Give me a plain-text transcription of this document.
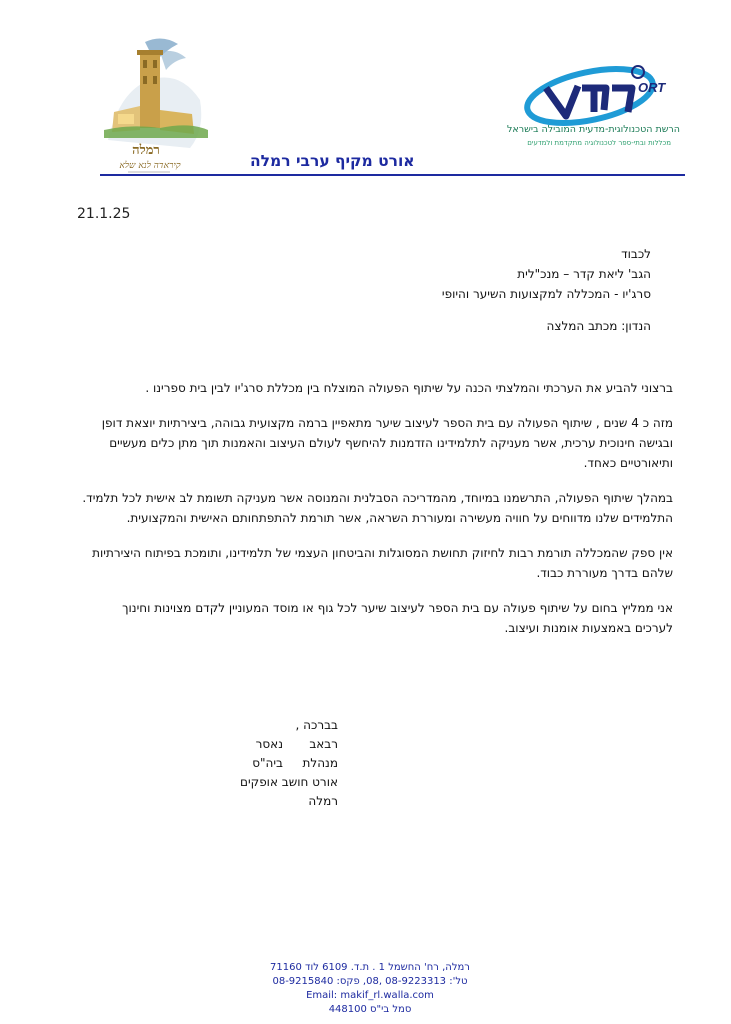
רמלה
קיראדה לנא שלא
ORT
הרשת הטכנולוגית-מדעית המובילה בישראל
מכללות ובתי-ספר לטכנולוגיה מתקדמת ולמדעים
אורט מקיף ערבי רמלה
21.1.25
לכבוד
הגב' ליאת קדר – מנכ"לית
סרג'יו - המכללה למקצועות השיער והיופי
הנדון: מכתב המלצה

ברצוני להביע את הערכתי והמלצתי הכנה על שיתוף הפעולה המוצלח בין מכללת סרג'יו לבין בית ספרינו .

מזה כ 4 שנים , שיתוף הפעולה עם בית הספר לעיצוב שיער מתאפיין ברמה מקצועית גבוהה, ביצירתיות יוצאת דופן ובגישה חינוכית ערכית, אשר מעניקה לתלמידינו הזדמנות להיחשף לעולם העיצוב והאמנות תוך מתן כלים מעשיים ותיאורטיים כאחד.

במהלך שיתוף הפעולה, התרשמנו במיוחד, מהמדריכה הסבלנית והמנוסה אשר מעניקה תשומת לב אישית לכל תלמיד. התלמידים שלנו מדווחים על חוויה מעשירה ומעוררת השראה, אשר תורמת להתפתחותם האישית והמקצועית.

אין ספק שהמכללה תורמת רבות לחיזוק תחושת המסוגלות והביטחון העצמי של תלמידינו, ותומכת בפיתוח היצירתיות שלהם בדרך מעוררת כבוד.

אני ממליץ בחום על שיתוף פעולה עם בית הספר לעיצוב שיער לכל גוף או מוסד המעוניין לקדם מצוינות וחינוך לערכים באמצעות אומנות ועיצוב.

בברכה ,
רבאבנאסר
מנהלתביה"ס
אורט חושב אופקים
רמלה
רמלה, רח' החשמל 1 . ת.ד. 6109 לוד 71160
טל': 08-9223313 ,08, פקס: 08-9215840
Email: makif_rl.walla.com
סמל בי"ס 448100
